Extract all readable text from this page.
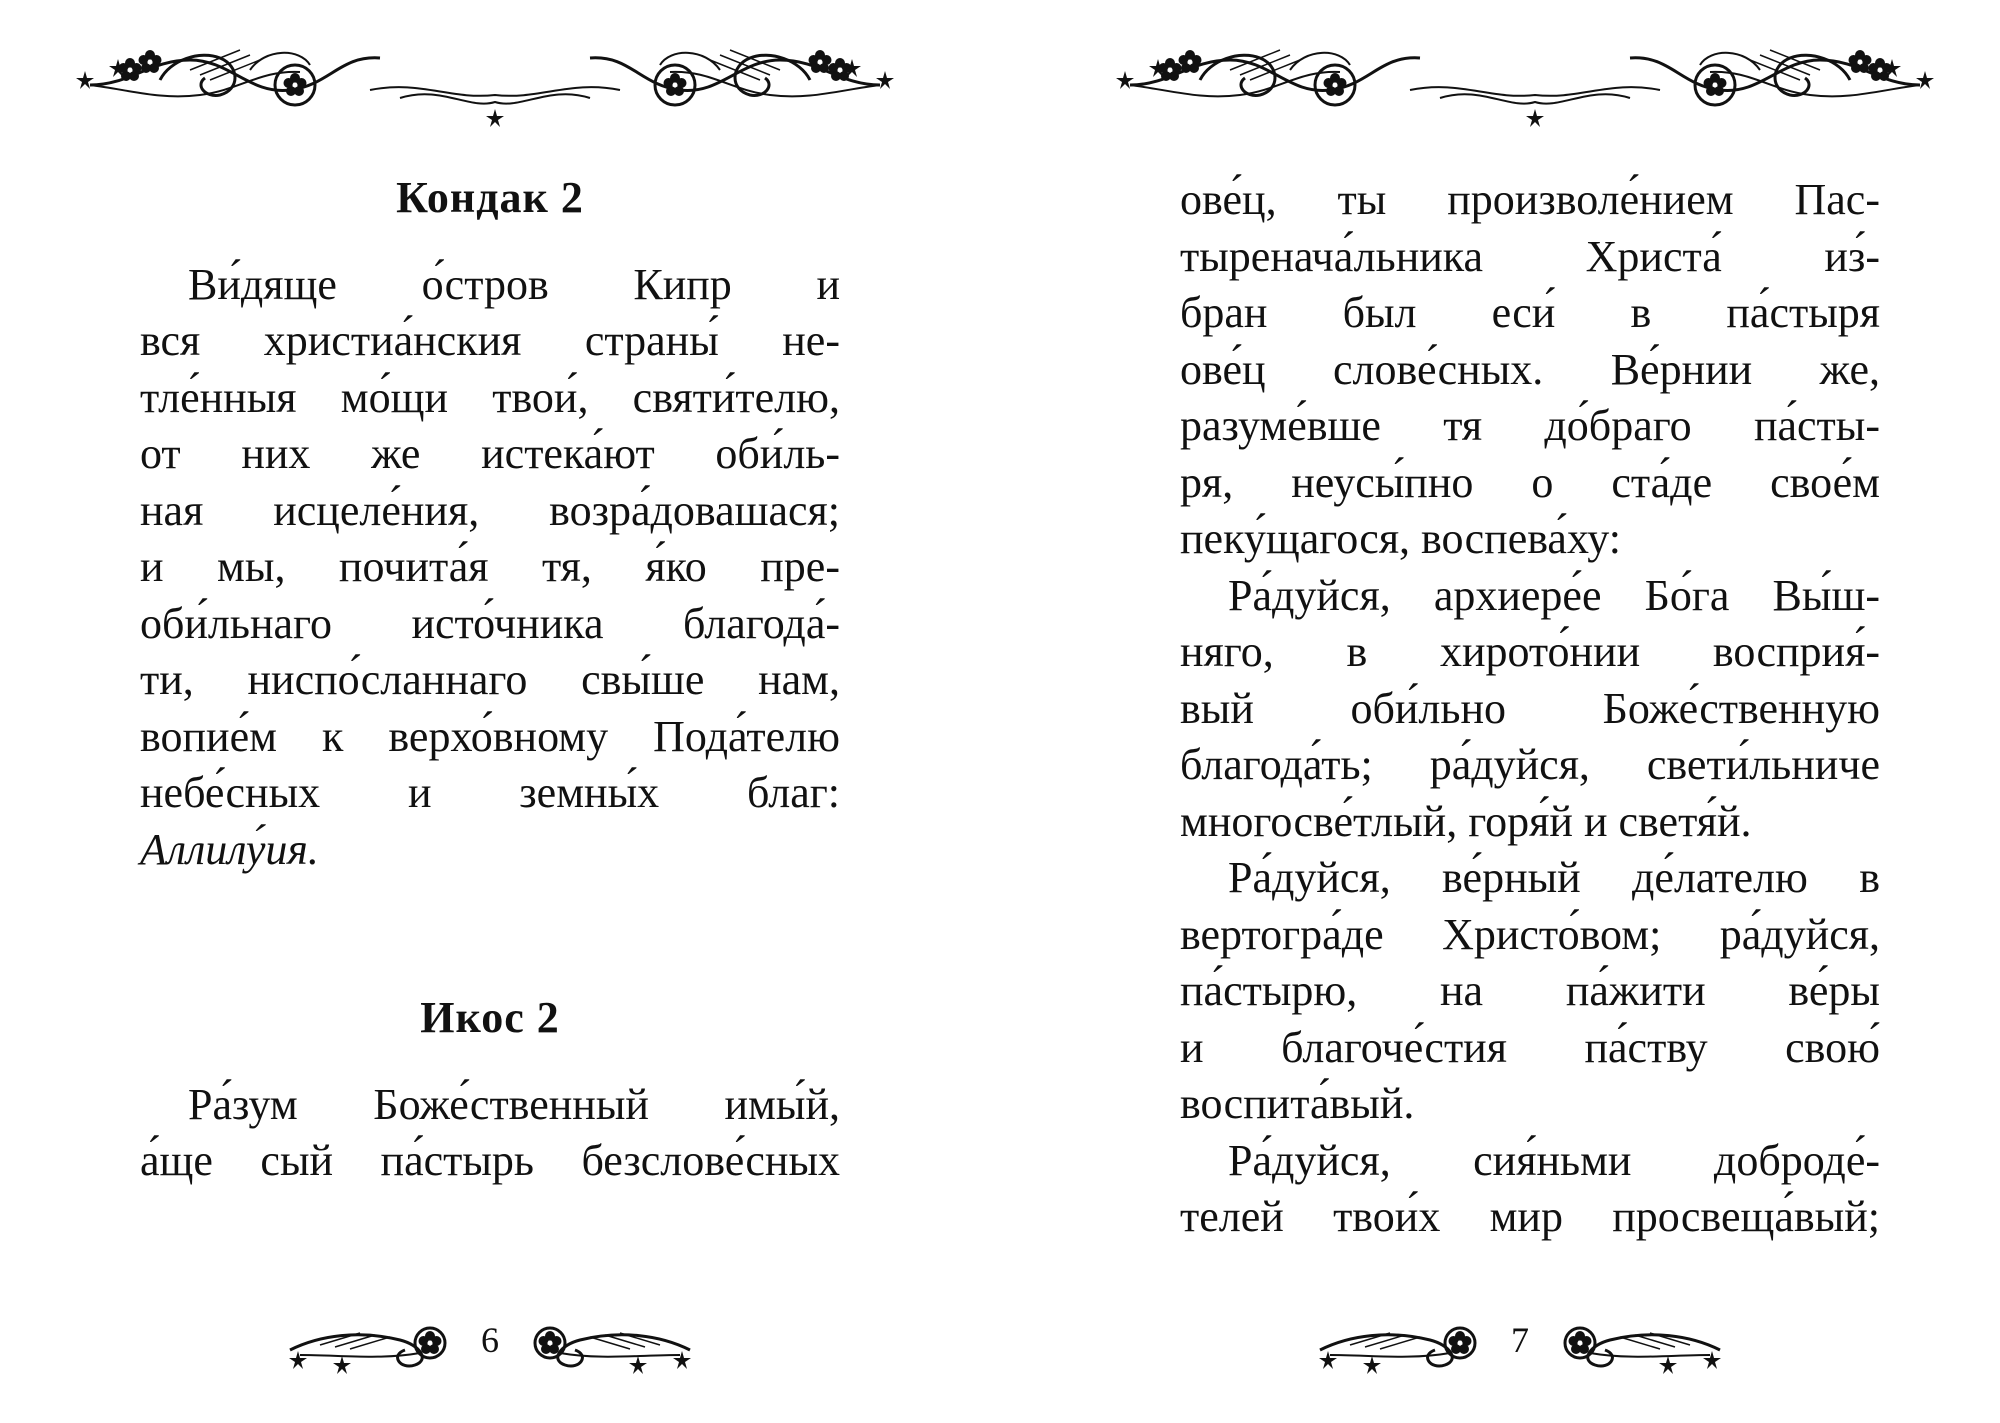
Кондак 2

Ви́дяще о́стров Кипр и
вся христиа́нския страны́ не-
тле́нныя мо́щи твои́, святи́телю,
от них же истека́ют оби́ль-
ная исцеле́ния, возра́довашася;
и мы, почита́я тя, я́ко пре-
оби́льнаго исто́чника благода́-
ти, ниспо́сланнаго свы́ше нам,
вопие́м к верхо́вному Пода́телю
небе́сных и земны́х благ:
Аллилу́ия.

Икос 2

Ра́зум Боже́ственный имы́й,
а́ще сый па́стырь безслове́сных

6

ове́ц, ты произволе́нием Пас-
тыренача́льника Христа́ из́-
бран был еси́ в па́стыря
ове́ц слове́сных. Ве́рнии же,
разуме́вше тя до́браго па́сты-
ря, неусы́пно о ста́де свое́м
пеку́щагося, воспева́ху:

Ра́дуйся, архиере́е Бо́га Вы́ш-
няго, в хирото́нии восприя́-
вый оби́льно Боже́ственную
благода́ть; ра́дуйся, свети́льниче
многосве́тлый, горя́й и светя́й.

Ра́дуйся, ве́рный де́лателю в
вертогра́де Христо́вом; ра́дуйся,
па́стырю, на па́жити ве́ры
и благоче́стия па́ству свою́
воспита́вый.

Ра́дуйся, сия́ньми доброде́-
телей твои́х мир просвеща́вый;

7
